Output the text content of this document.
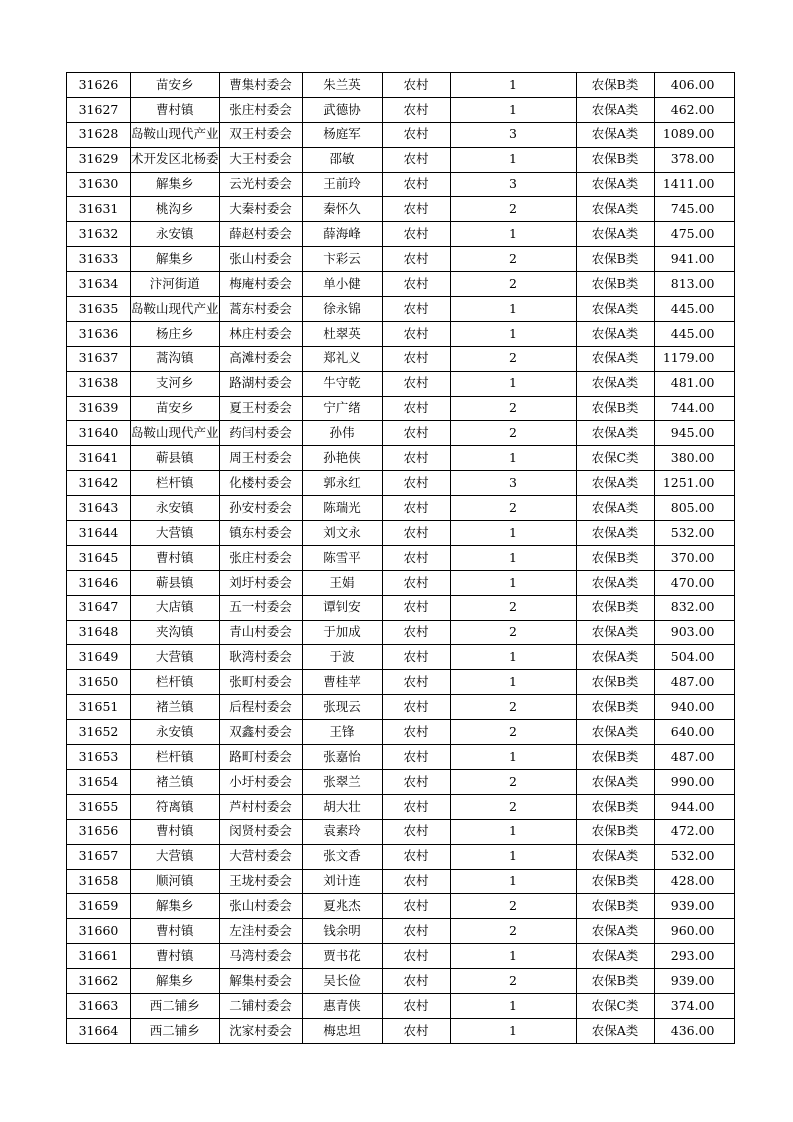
31626	苗安乡	曹集村委会	朱兰英	农村	1	农保B类	406.00
31627	曹村镇	张庄村委会	武德协	农村	1	农保A类	462.00
31628	岛鞍山现代产业	双王村委会	杨庭军	农村	3	农保A类	1089.00
31629	术开发区北杨委	大王村委会	邵敏	农村	1	农保B类	378.00
31630	解集乡	云光村委会	王前玲	农村	3	农保A类	1411.00
31631	桃沟乡	大秦村委会	秦怀久	农村	2	农保A类	745.00
31632	永安镇	薛赵村委会	薛海峰	农村	1	农保A类	475.00
31633	解集乡	张山村委会	卞彩云	农村	2	农保B类	941.00
31634	汴河街道	梅庵村委会	单小健	农村	2	农保B类	813.00
31635	岛鞍山现代产业	蒿东村委会	徐永锦	农村	1	农保A类	445.00
31636	杨庄乡	林庄村委会	杜翠英	农村	1	农保A类	445.00
31637	蒿沟镇	高滩村委会	郑礼义	农村	2	农保A类	1179.00
31638	支河乡	路湖村委会	牛守乾	农村	1	农保A类	481.00
31639	苗安乡	夏王村委会	宁广绪	农村	2	农保B类	744.00
31640	岛鞍山现代产业	药闫村委会	孙伟	农村	2	农保A类	945.00
31641	蕲县镇	周王村委会	孙艳侠	农村	1	农保C类	380.00
31642	栏杆镇	化楼村委会	郭永红	农村	3	农保A类	1251.00
31643	永安镇	孙安村委会	陈瑞光	农村	2	农保A类	805.00
31644	大营镇	镇东村委会	刘文永	农村	1	农保A类	532.00
31645	曹村镇	张庄村委会	陈雪平	农村	1	农保B类	370.00
31646	蕲县镇	刘圩村委会	王娟	农村	1	农保A类	470.00
31647	大店镇	五一村委会	谭钊安	农村	2	农保B类	832.00
31648	夹沟镇	青山村委会	于加成	农村	2	农保A类	903.00
31649	大营镇	耿湾村委会	于波	农村	1	农保A类	504.00
31650	栏杆镇	张町村委会	曹桂苹	农村	1	农保B类	487.00
31651	褚兰镇	后程村委会	张现云	农村	2	农保B类	940.00
31652	永安镇	双鑫村委会	王锋	农村	2	农保A类	640.00
31653	栏杆镇	路町村委会	张嘉怡	农村	1	农保B类	487.00
31654	褚兰镇	小圩村委会	张翠兰	农村	2	农保A类	990.00
31655	符离镇	芦村村委会	胡大壮	农村	2	农保B类	944.00
31656	曹村镇	闵贤村委会	袁素玲	农村	1	农保B类	472.00
31657	大营镇	大营村委会	张文香	农村	1	农保A类	532.00
31658	顺河镇	王垅村委会	刘计连	农村	1	农保B类	428.00
31659	解集乡	张山村委会	夏兆杰	农村	2	农保B类	939.00
31660	曹村镇	左洼村委会	钱余明	农村	2	农保A类	960.00
31661	曹村镇	马湾村委会	贾书花	农村	1	农保A类	293.00
31662	解集乡	解集村委会	吴长俭	农村	2	农保B类	939.00
31663	西二铺乡	二铺村委会	惠青侠	农村	1	农保C类	374.00
31664	西二铺乡	沈家村委会	梅忠坦	农村	1	农保A类	436.00
